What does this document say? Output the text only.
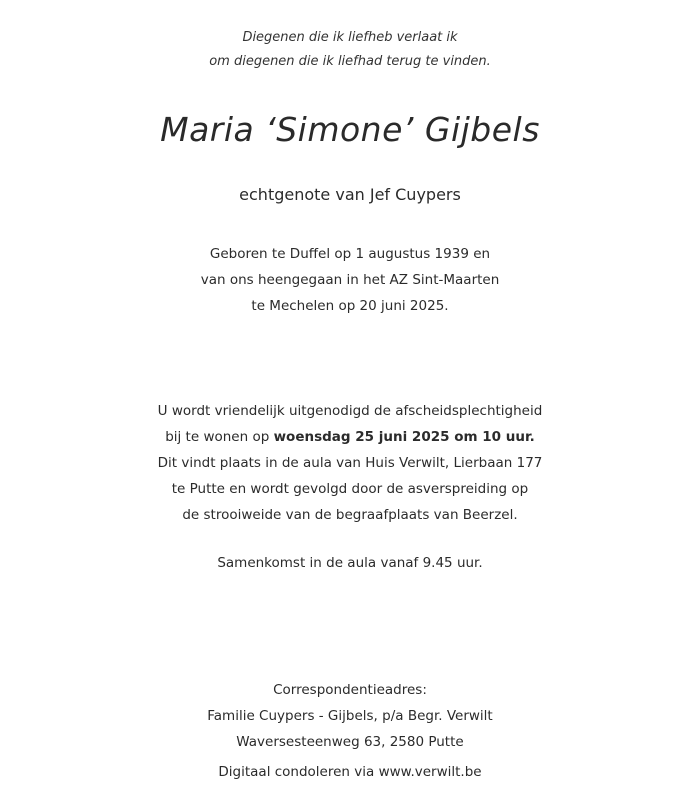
Diegenen die ik liefheb verlaat ik
om diegenen die ik liefhad terug te vinden.
Maria ‘Simone’ Gijbels
echtgenote van Jef Cuypers
Geboren te Duffel op 1 augustus 1939 en
van ons heengegaan in het AZ Sint-Maarten
te Mechelen op 20 juni 2025.
U wordt vriendelijk uitgenodigd de afscheidsplechtigheid
bij te wonen op woensdag 25 juni 2025 om 10 uur.
Dit vindt plaats in de aula van Huis Verwilt, Lierbaan 177
te Putte en wordt gevolgd door de asverspreiding op
de strooiweide van de begraafplaats van Beerzel.
Samenkomst in de aula vanaf 9.45 uur.
Correspondentieadres:
Familie Cuypers - Gijbels, p/a Begr. Verwilt
Waversesteenweg 63, 2580 Putte
Digitaal condoleren via www.verwilt.be
